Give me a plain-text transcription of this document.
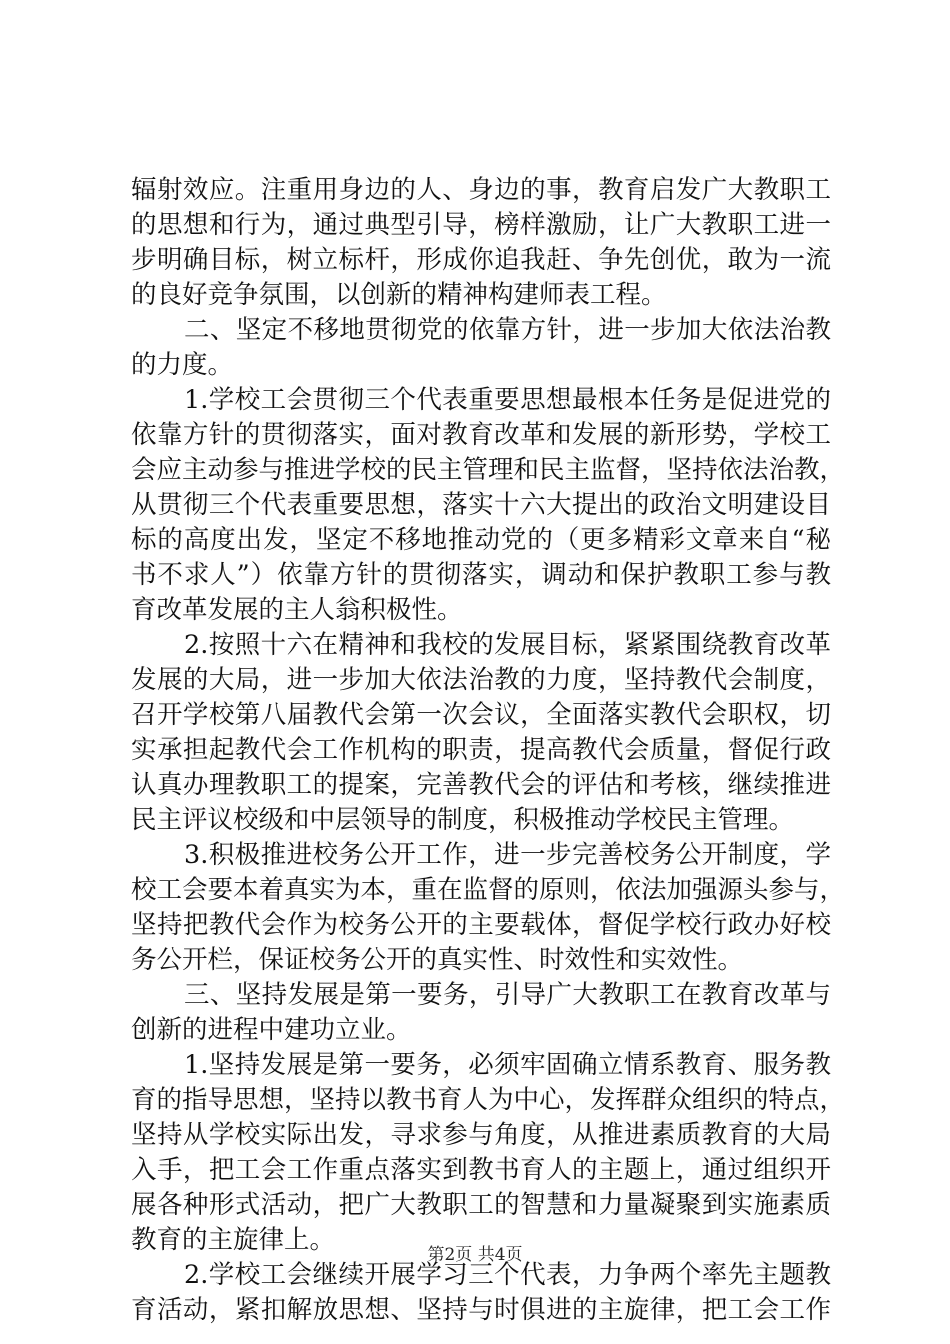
辐射效应。注重用身边的人、身边的事，教育启发广大教职工
的思想和行为，通过典型引导，榜样激励，让广大教职工进一
步明确目标，树立标杆，形成你追我赶、争先创优，敢为一流
的良好竞争氛围，以创新的精神构建师表工程。
二、坚定不移地贯彻党的依靠方针，进一步加大依法治教
的力度。
1.学校工会贯彻三个代表重要思想最根本任务是促进党的
依靠方针的贯彻落实，面对教育改革和发展的新形势，学校工
会应主动参与推进学校的民主管理和民主监督，坚持依法治教，
从贯彻三个代表重要思想，落实十六大提出的政治文明建设目
标的高度出发，坚定不移地推动党的（更多精彩文章来自“秘
书不求人”）依靠方针的贯彻落实，调动和保护教职工参与教
育改革发展的主人翁积极性。
2.按照十六在精神和我校的发展目标，紧紧围绕教育改革
发展的大局，进一步加大依法治教的力度，坚持教代会制度，
召开学校第八届教代会第一次会议，全面落实教代会职权，切
实承担起教代会工作机构的职责，提高教代会质量，督促行政
认真办理教职工的提案，完善教代会的评估和考核，继续推进
民主评议校级和中层领导的制度，积极推动学校民主管理。
3.积极推进校务公开工作，进一步完善校务公开制度，学
校工会要本着真实为本，重在监督的原则，依法加强源头参与，
坚持把教代会作为校务公开的主要载体，督促学校行政办好校
务公开栏，保证校务公开的真实性、时效性和实效性。
三、坚持发展是第一要务，引导广大教职工在教育改革与
创新的进程中建功立业。
1.坚持发展是第一要务，必须牢固确立情系教育、服务教
育的指导思想，坚持以教书育人为中心，发挥群众组织的特点，
坚持从学校实际出发，寻求参与角度，从推进素质教育的大局
入手，把工会工作重点落实到教书育人的主题上，通过组织开
展各种形式活动，把广大教职工的智慧和力量凝聚到实施素质
教育的主旋律上。
2.学校工会继续开展学习三个代表，力争两个率先主题教
育活动，紧扣解放思想、坚持与时俱进的主旋律，把工会工作
第2页 共4页
